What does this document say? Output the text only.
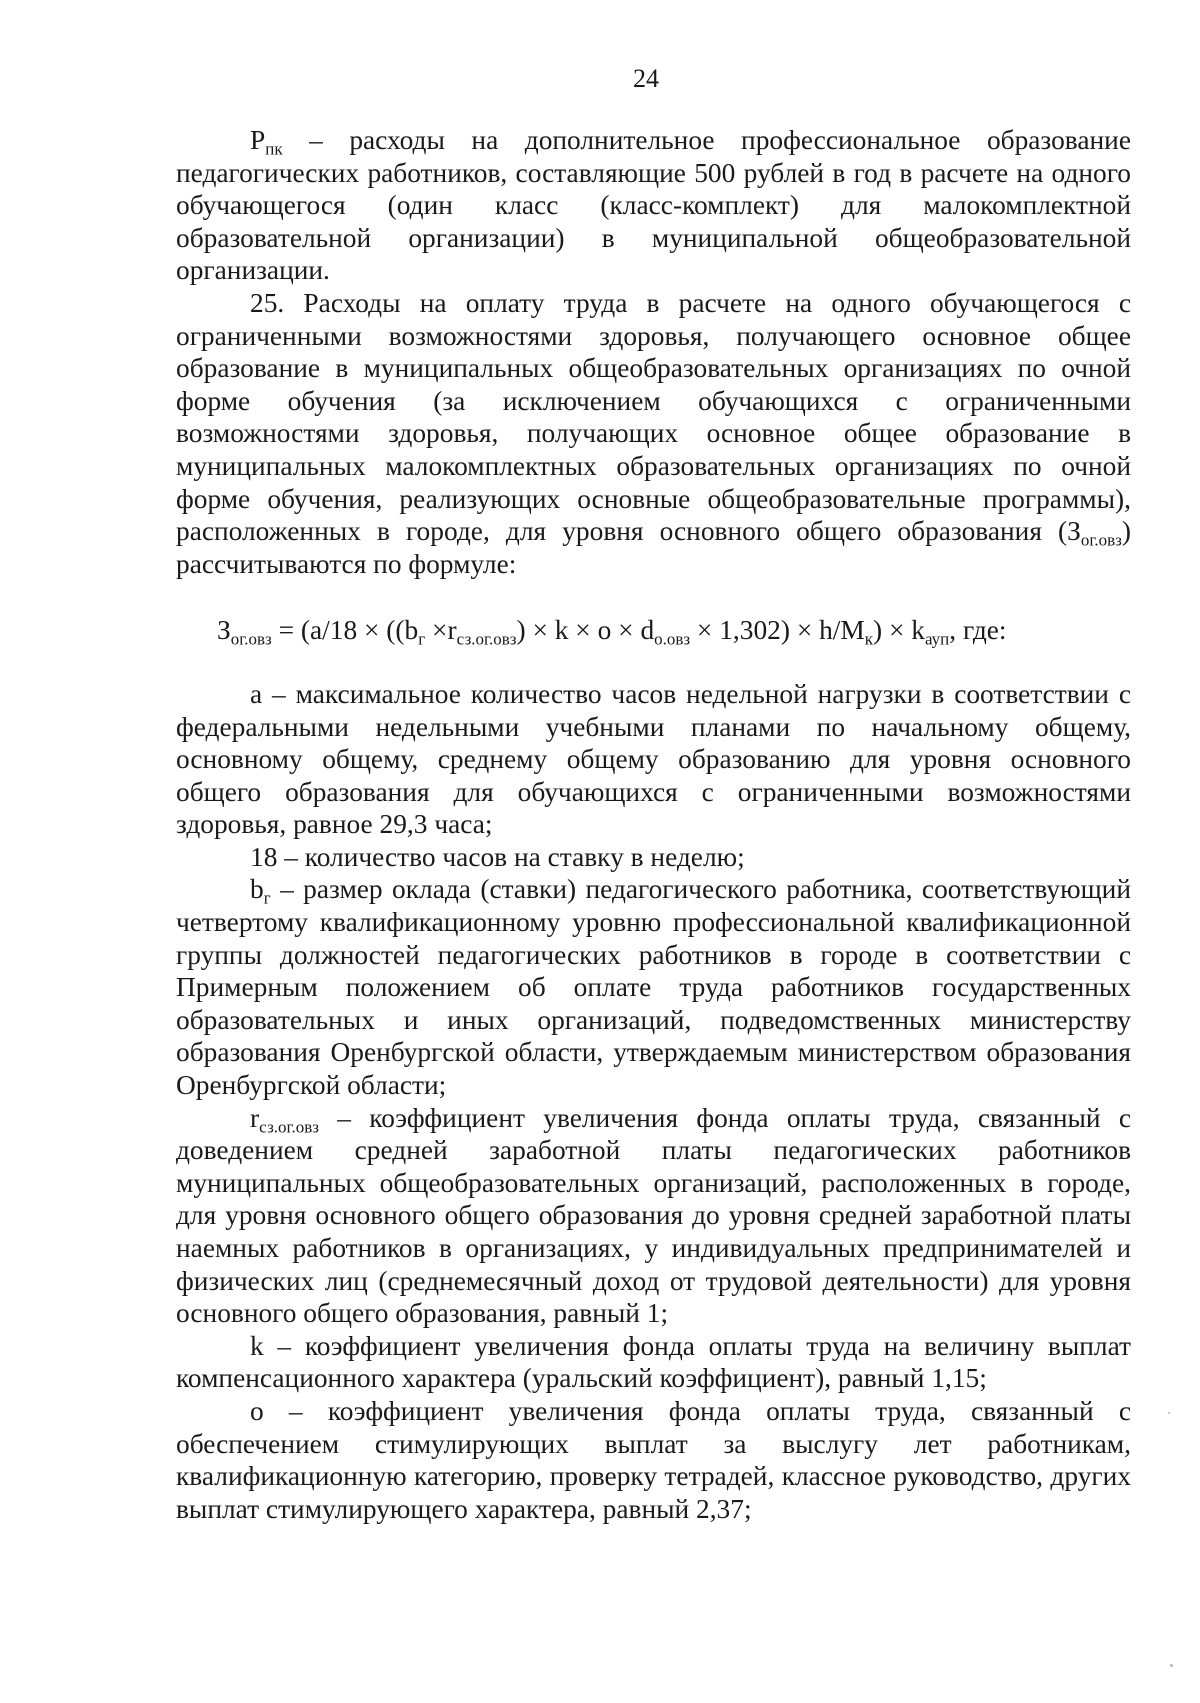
24

$Р_{пк}$ – расходы на дополнительное профессиональное образование педагогических работников, составляющие 500 рублей в год в расчете на одного обучающегося (один класс (класс-комплект) для малокомплектной образовательной организации) в муниципальной общеобразовательной организации.

25. Расходы на оплату труда в расчете на одного обучающегося с ограниченными возможностями здоровья, получающего основное общее образование в муниципальных общеобразовательных организациях по очной форме обучения (за исключением обучающихся с ограниченными возможностями здоровья, получающих основное общее образование в муниципальных малокомплектных образовательных организациях по очной форме обучения, реализующих основные общеобразовательные программы), расположенных в городе, для уровня основного общего образования $(З_{ог.овз})$ рассчитываются по формуле:

$З_{ог.овз} = (a/18 \times ((b_г \times r_{сз.ог.овз}) \times k \times o \times d_{о.овз} \times 1,302) \times h/M_к) \times k_{ауп}$, где:

a – максимальное количество часов недельной нагрузки в соответствии с федеральными недельными учебными планами по начальному общему, основному общему, среднему общему образованию для уровня основного общего образования для обучающихся с ограниченными возможностями здоровья, равное 29,3 часа;

18 – количество часов на ставку в неделю;

$b_г$ – размер оклада (ставки) педагогического работника, соответствующий четвертому квалификационному уровню профессиональной квалификационной группы должностей педагогических работников в городе в соответствии с Примерным положением об оплате труда работников государственных образовательных и иных организаций, подведомственных министерству образования Оренбургской области, утверждаемым министерством образования Оренбургской области;

$r_{сз.ог.овз}$ – коэффициент увеличения фонда оплаты труда, связанный с доведением средней заработной платы педагогических работников муниципальных общеобразовательных организаций, расположенных в городе, для уровня основного общего образования до уровня средней заработной платы наемных работников в организациях, у индивидуальных предпринимателей и физических лиц (среднемесячный доход от трудовой деятельности) для уровня основного общего образования, равный 1;

k – коэффициент увеличения фонда оплаты труда на величину выплат компенсационного характера (уральский коэффициент), равный 1,15;

o – коэффициент увеличения фонда оплаты труда, связанный с обеспечением стимулирующих выплат за выслугу лет работникам, квалификационную категорию, проверку тетрадей, классное руководство, других выплат стимулирующего характера, равный 2,37;
